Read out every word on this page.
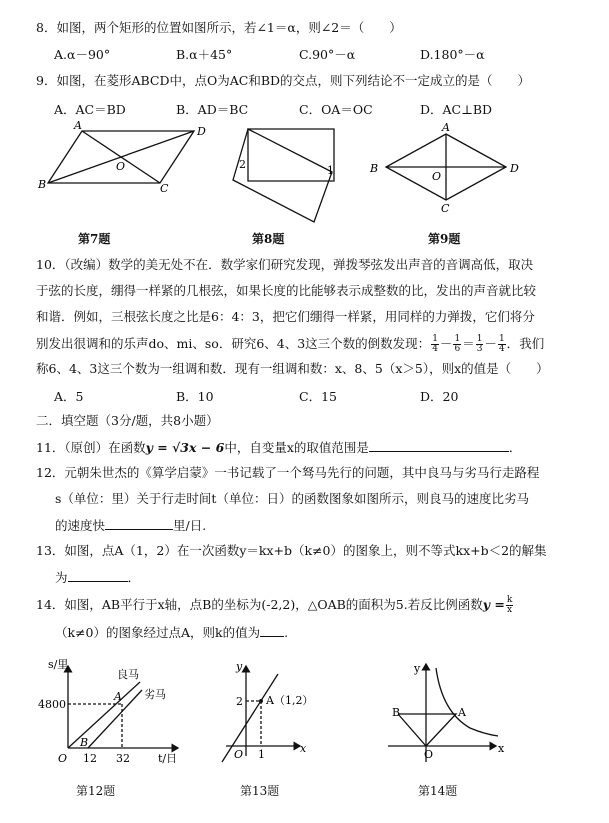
8．如图，两个矩形的位置如图所示，若∠1＝α，则∠2＝（　　）
A.α－90°	B.α＋45°	C.90°－α	D.180°－α
9．如图，在菱形ABCD中，点O为AC和BD的交点，则下列结论不一定成立的是（　　）
A．AC＝BD	B．AD＝BC	C．OA＝OC	D．AC⊥BD
A	D
O
B	C
2	1
A
B
O
D
C
第7题	第8题	第9题
10．（改编）数学的美无处不在．数学家们研究发现，弹拨琴弦发出声音的音调高低，取决
于弦的长度，绷得一样紧的几根弦，如果长度的比能够表示成整数的比，发出的声音就比较
和谐．例如，三根弦长度之比是6：4：3，把它们绷得一样紧，用同样的力弹拨，它们将分
别发出很调和的乐声do、mi、so．研究6、4、3这三个数的倒数发现： $\frac{1}{4} - \frac{1}{6} = \frac{1}{3} - \frac{1}{4}$ ．我们
称6、4、3这三个数为一组调和数．现有一组调和数：x、8、5（x＞5），则x的值是（　　）
A．5	B．10	C．15	D．20
二．填空题（3分/题，共8小题）
11．（原创）在函数y = √3x − 6中，自变量x的取值范围是	．
12．元朝朱世杰的《算学启蒙》一书记载了一个驽马先行的问题，其中良马与劣马行走路程
s（单位：里）关于行走时间t（单位：日）的函数图象如图所示，则良马的速度比劣马
的速度快	里/日.
13．如图，点A（1，2）在一次函数y＝kx+b（k≠0）的图象上，则不等式kx+b＜2的解集
为	．
14．如图，AB平行于x轴，点B的坐标为(-2,2)，△OAB的面积为5.若反比例函数$y = \frac{k}{x}$
（k≠0）的图象经过点A，则k的值为 .
s/里
4800
良马
劣马
A
B
O 12 32	t/日
y
x
O
2
1
A（1,2）
y
x
B	A
O
第12题	第13题	第14题
